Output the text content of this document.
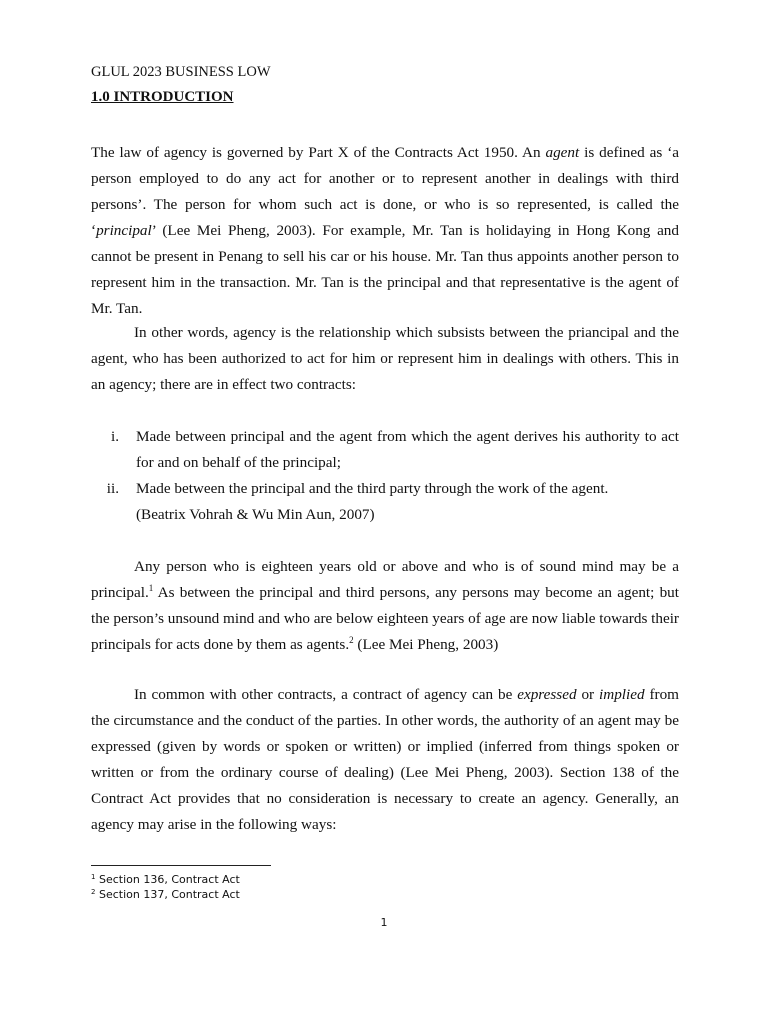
GLUL 2023 BUSINESS LOW
1.0 INTRODUCTION

The law of agency is governed by Part X of the Contracts Act 1950. An agent is defined as ‘a person employed to do any act for another or to represent another in dealings with third persons’. The person for whom such act is done, or who is so represented, is called the ‘principal’ (Lee Mei Pheng, 2003). For example, Mr. Tan is holidaying in Hong Kong and cannot be present in Penang to sell his car or his house. Mr. Tan thus appoints another person to represent him in the transaction. Mr. Tan is the principal and that representative is the agent of Mr. Tan.

In other words, agency is the relationship which subsists between the priancipal and the agent, who has been authorized to act for him or represent him in dealings with others. This in an agency; there are in effect two contracts:

i. Made between principal and the agent from which the agent derives his authority to act for and on behalf of the principal;
ii. Made between the principal and the third party through the work of the agent.
(Beatrix Vohrah & Wu Min Aun, 2007)

Any person who is eighteen years old or above and who is of sound mind may be a principal.$^1$ As between the principal and third persons, any persons may become an agent; but the person’s unsound mind and who are below eighteen years of age are now liable towards their principals for acts done by them as agents.$^2$ (Lee Mei Pheng, 2003)

In common with other contracts, a contract of agency can be expressed or implied from the circumstance and the conduct of the parties. In other words, the authority of an agent may be expressed (given by words or spoken or written) or implied (inferred from things spoken or written or from the ordinary course of dealing) (Lee Mei Pheng, 2003). Section 138 of the Contract Act provides that no consideration is necessary to create an agency. Generally, an agency may arise in the following ways:

$^1$ Section 136, Contract Act
$^2$ Section 137, Contract Act
1
